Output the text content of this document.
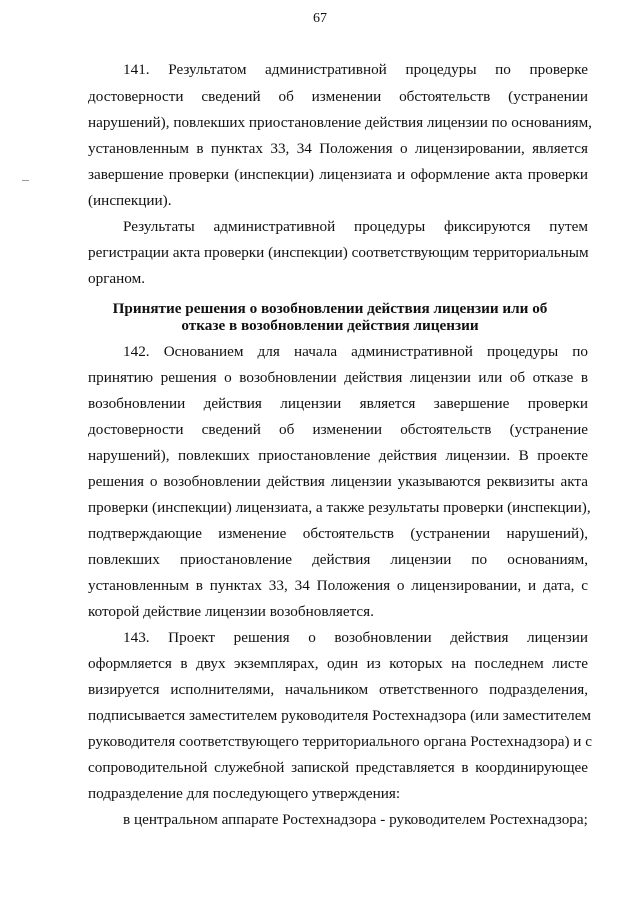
67
141. Результатом административной процедуры по проверке
достоверности сведений об изменении обстоятельств (устранении
нарушений), повлекших приостановление действия лицензии по основаниям,
установленным в пунктах 33, 34 Положения о лицензировании, является
завершение проверки (инспекции) лицензиата и оформление акта проверки
(инспекции).
Результаты административной процедуры фиксируются путем
регистрации акта проверки (инспекции) соответствующим территориальным
органом.
Принятие решения о возобновлении действия лицензии или об
отказе в возобновлении действия лицензии
142. Основанием для начала административной процедуры по
принятию решения о возобновлении действия лицензии или об отказе в
возобновлении действия лицензии является завершение проверки
достоверности сведений об изменении обстоятельств (устранение
нарушений), повлекших приостановление действия лицензии. В проекте
решения о возобновлении действия лицензии указываются реквизиты акта
проверки (инспекции) лицензиата, а также результаты проверки (инспекции),
подтверждающие изменение обстоятельств (устранении нарушений),
повлекших приостановление действия лицензии по основаниям,
установленным в пунктах 33, 34 Положения о лицензировании, и дата, с
которой действие лицензии возобновляется.
143. Проект решения о возобновлении действия лицензии
оформляется в двух экземплярах, один из которых на последнем листе
визируется исполнителями, начальником ответственного подразделения,
подписывается заместителем руководителя Ростехнадзора (или заместителем
руководителя соответствующего территориального органа Ростехнадзора) и с
сопроводительной служебной запиской представляется в координирующее
подразделение для последующего утверждения:
в центральном аппарате Ростехнадзора - руководителем Ростехнадзора;
